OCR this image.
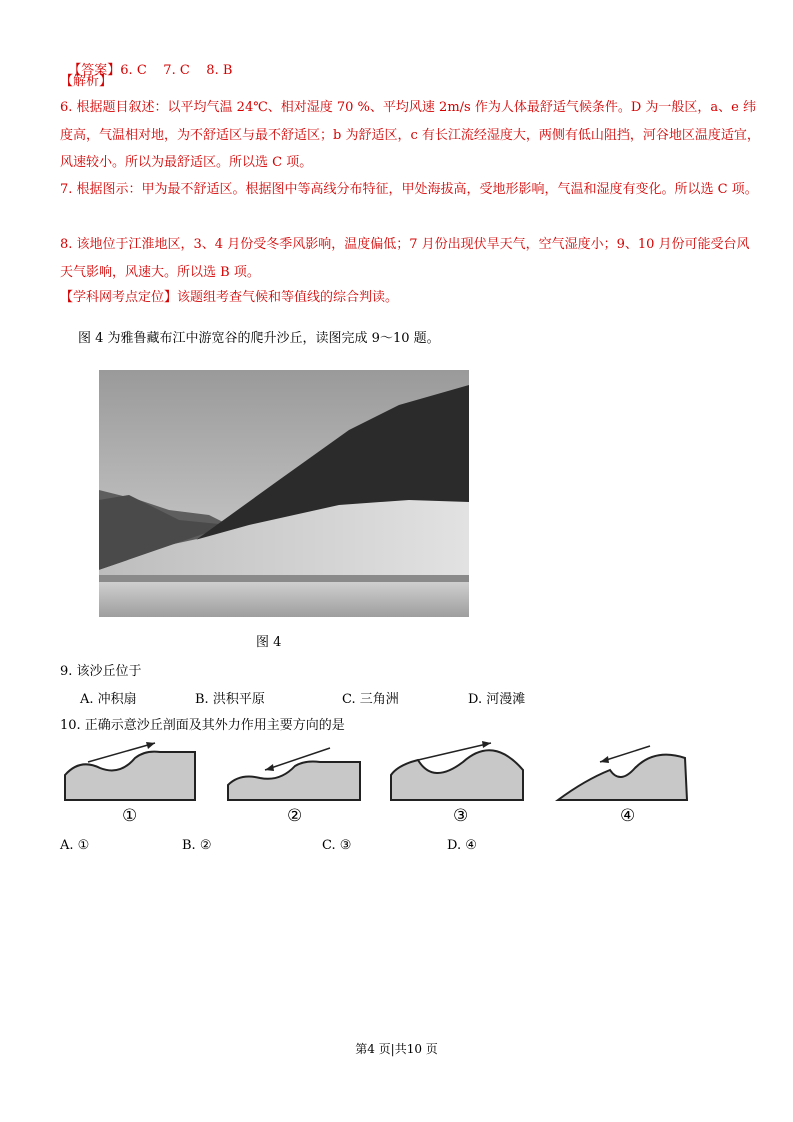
【答案】6. C    7. C    8. B

【解析】
6. 根据题目叙述：以平均气温 24℃、相对湿度 70 %、平均风速 2m/s 作为人体最舒适气候条件。D 为一般区，a、e 纬度高，气温相对地，为不舒适区与最不舒适区；b 为舒适区，c 有长江流经湿度大，两侧有低山阻挡，河谷地区温度适宜，风速较小。所以为最舒适区。所以选 C 项。
7. 根据图示：甲为最不舒适区。根据图中等高线分布特征，甲处海拔高，受地形影响，气温和湿度有变化。所以选 C 项。
8. 该地位于江淮地区，3、4 月份受冬季风影响，温度偏低；7 月份出现伏旱天气，空气湿度小；9、10 月份可能受台风天气影响，风速大。所以选 B 项。
【学科网考点定位】该题组考查气候和等值线的综合判读。
图 4 为雅鲁藏布江中游宽谷的爬升沙丘，读图完成 9～10 题。
图 4
9. 该沙丘位于
A. 冲积扇	B. 洪积平原	C. 三角洲	D. 河漫滩
10. 正确示意沙丘剖面及其外力作用主要方向的是
①	②	③	④
A. ①	B. ②	C. ③	D. ④
第4 页|共10 页
